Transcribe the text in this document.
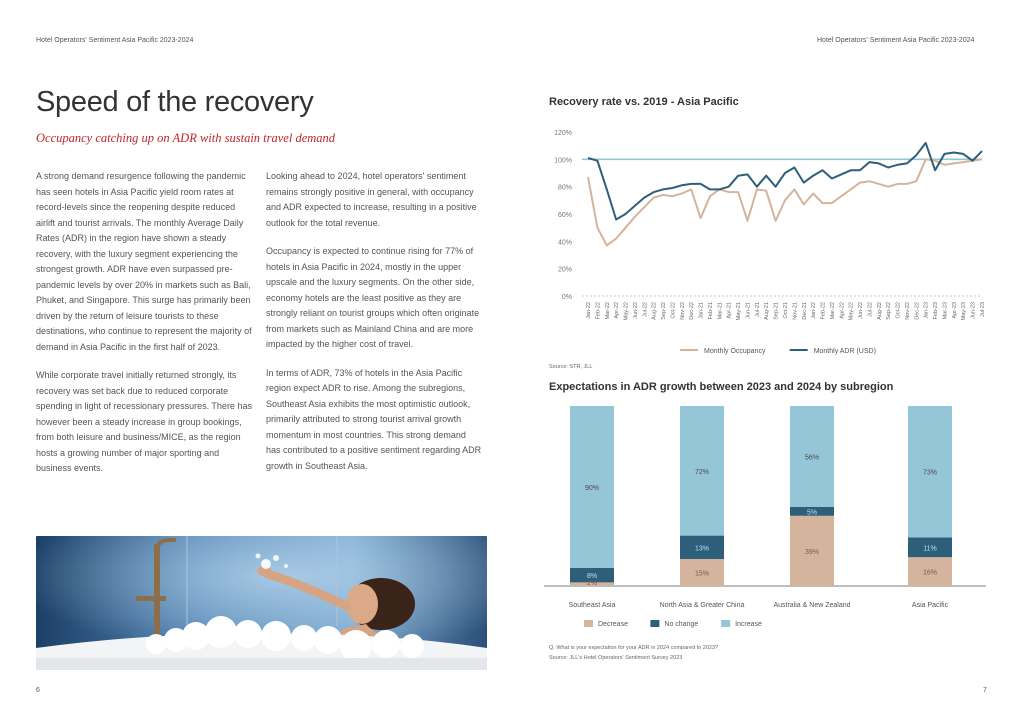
Hotel Operators' Sentiment Asia Pacific 2023-2024	Hotel Operators' Sentiment Asia Pacific 2023-2024
Speed of the recovery
Occupancy catching up on ADR with sustain travel demand

A strong demand resurgence following the pandemic has seen hotels in Asia Pacific yield room rates at record-levels since the reopening despite reduced airlift and tourist arrivals. The monthly Average Daily Rates (ADR) in the region have shown a steady recovery, with the luxury segment experiencing the strongest growth. ADR have even surpassed pre-pandemic levels by over 20% in markets such as Bali, Phuket, and Singapore. This surge has primarily been driven by the return of leisure tourists to these destinations, who continue to represent the majority of demand in Asia Pacific in the first half of 2023.

While corporate travel initially returned strongly, its recovery was set back due to reduced corporate spending in light of recessionary pressures. There has however been a steady increase in group bookings, from both leisure and business/MICE, as the region hosts a growing number of major sporting and business events.

Looking ahead to 2024, hotel operators' sentiment remains strongly positive in general, with occupancy and ADR expected to increase, resulting in a positive outlook for the total revenue.

Occupancy is expected to continue rising for 77% of hotels in Asia Pacific in 2024, mostly in the upper upscale and the luxury segments. On the other side, economy hotels are the least positive as they are strongly reliant on tourist groups which often originate from markets such as Mainland China and are more impacted by the higher cost of travel.

In terms of ADR, 73% of hotels in the Asia Pacific region expect ADR to rise. Among the subregions, Southeast Asia exhibits the most optimistic outlook, primarily attributed to strong tourist arrival growth momentum in most countries. This strong demand has contributed to a positive sentiment regarding ADR growth in Southeast Asia.

6	7
Recovery rate vs. 2019 - Asia Pacific
0%
20%
40%
60%
80%
100%
120%
Jan-22 Feb-22 Mar-22 Apr-22 May-22 Jun-22 Jul-22 Aug-22 Sep-22 Oct-22 Nov-22 Dec-22 Jan-21 Feb-21 Mar-21 Apr-21 May-21 Jun-21 Jul-21 Aug-21 Sep-21 Oct-21 Nov-21 Dec-21 Jan-22 Feb-22 Mar-22 Apr-22 May-22 Jun-22 Jul-22 Aug-22 Sep-22 Oct-22 Nov-22 Dec-22 Jan-23 Feb-23 Mar-23 Apr-23 May-23 Jun-23 Jul-23
Monthly Occupancy	Monthly ADR (USD)
Source: STR, JLL
Expectations in ADR growth between 2023 and 2024 by subregion
2%
8%
90%
15%
13%
72%
39%
5%
56%
16%
11%
73%
Southeast Asia	North Asia & Greater China	Australia & New Zealand	Asia Pacific
Decrease	No change	Increase
Q. What is your expectation for your ADR in 2024 compared to 2023?
Source: JLL's Hotel Operators' Sentiment Survey 2023
